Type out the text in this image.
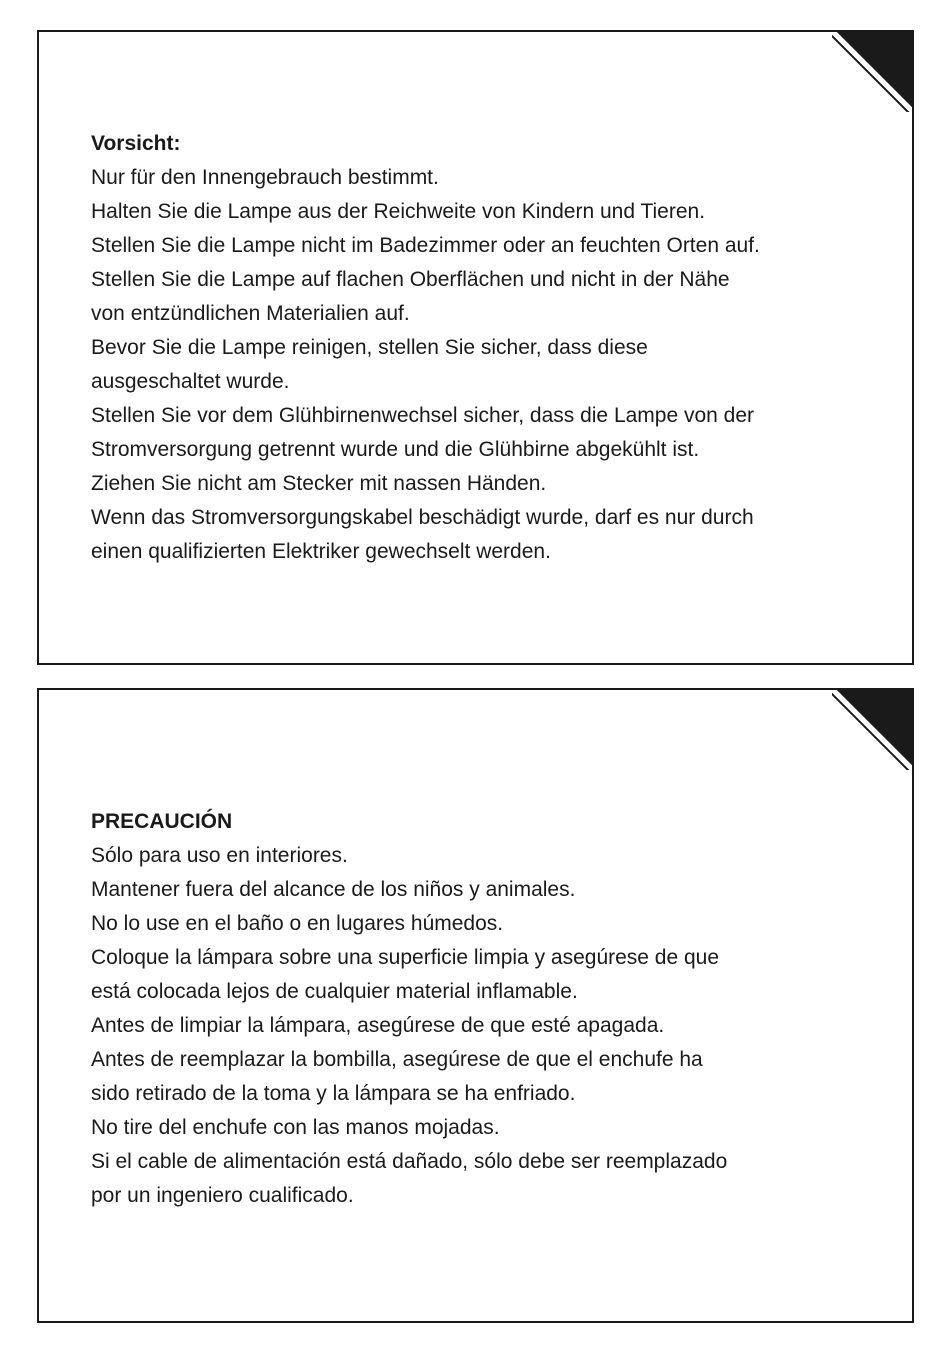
Vorsicht:

Nur für den Innengebrauch bestimmt.

Halten Sie die Lampe aus der Reichweite von Kindern und Tieren.

Stellen Sie die Lampe nicht im Badezimmer oder an feuchten Orten auf.

Stellen Sie die Lampe auf flachen Oberflächen und nicht in der Nähe

von entzündlichen Materialien auf.

Bevor Sie die Lampe reinigen, stellen Sie sicher, dass diese

ausgeschaltet wurde.

Stellen Sie vor dem Glühbirnenwechsel sicher, dass die Lampe von der

Stromversorgung getrennt wurde und die Glühbirne abgekühlt ist.

Ziehen Sie nicht am Stecker mit nassen Händen.

Wenn das Stromversorgungskabel beschädigt wurde, darf es nur durch

einen qualifizierten Elektriker gewechselt werden.

PRECAUCIÓN

Sólo para uso en interiores.

Mantener fuera del alcance de los niños y animales.

No lo use en el baño o en lugares húmedos.

Coloque la lámpara sobre una superficie limpia y asegúrese de que

está colocada lejos de cualquier material inflamable.

Antes de limpiar la lámpara, asegúrese de que esté apagada.

Antes de reemplazar la bombilla, asegúrese de que el enchufe ha

sido retirado de la toma y la lámpara se ha enfriado.

No tire del enchufe con las manos mojadas.

Si el cable de alimentación está dañado, sólo debe ser reemplazado

por un ingeniero cualificado.
